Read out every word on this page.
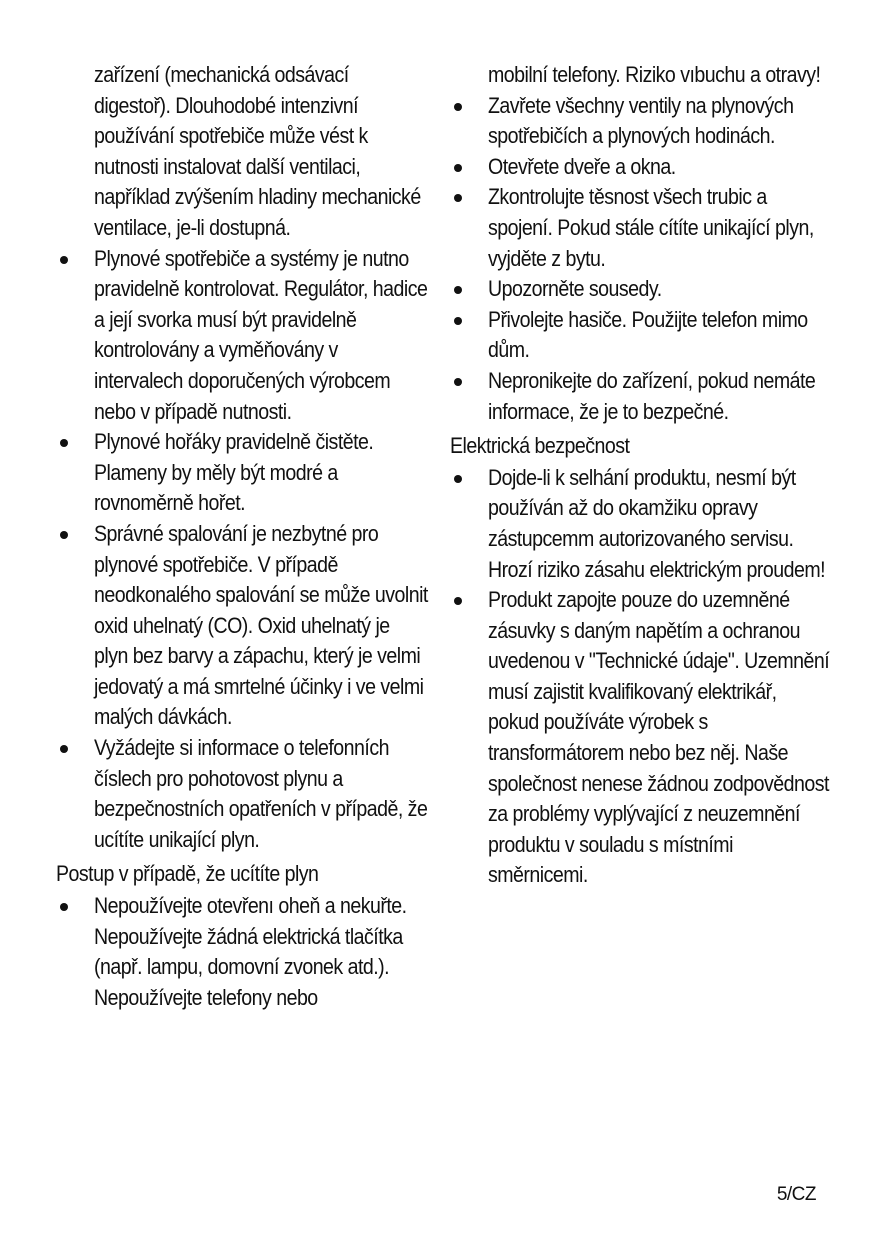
zařízení (mechanická odsávací digestoř). Dlouhodobé intenzivní používání spotřebiče může vést k nutnosti instalovat další ventilaci, například zvýšením hladiny mechanické ventilace, je-li dostupná.
Plynové spotřebiče a systémy je nutno pravidelně kontrolovat. Regulátor, hadice a její svorka musí být pravidelně kontrolovány a vyměňovány v intervalech doporučených výrobcem nebo v případě nutnosti.
Plynové hořáky pravidelně čistěte. Plameny by měly být modré a rovnoměrně hořet.
Správné spalování je nezbytné pro plynové spotřebiče. V případě neodkonalého spalování se může uvolnit oxid uhelnatý (CO). Oxid uhelnatý je plyn bez barvy a zápachu, který je velmi jedovatý a má smrtelné účinky i ve velmi malých dávkách.
Vyžádejte si informace o telefonních číslech pro pohotovost plynu a bezpečnostních opatřeních v případě, že ucítíte unikající plyn.
Postup v případě, že ucítíte plyn
Nepoužívejte otevřenı oheň a nekuřte. Nepoužívejte žádná elektrická tlačítka (např. lampu, domovní zvonek atd.). Nepoužívejte telefony nebo
mobilní telefony. Riziko vıbuchu a otravy!
Zavřete všechny ventily na plynových spotřebičích a plynových hodinách.
Otevřete dveře a okna.
Zkontrolujte těsnost všech trubic a spojení. Pokud stále cítíte unikající plyn, vyjděte z bytu.
Upozorněte sousedy.
Přivolejte hasiče. Použijte telefon mimo dům.
Nepronikejte do zařízení, pokud nemáte informace, že je to bezpečné.
Elektrická bezpečnost
Dojde-li k selhání produktu, nesmí být používán až do okamžiku opravy zástupcemm autorizovaného servisu. Hrozí riziko zásahu elektrickým proudem!
Produkt zapojte pouze do uzemněné zásuvky s daným napětím a ochranou uvedenou v "Technické údaje". Uzemnění musí zajistit kvalifikovaný elektrikář, pokud používáte výrobek s transformátorem nebo bez něj. Naše společnost nenese žádnou zodpovědnost za problémy vyplývající z neuzemnění produktu v souladu s místními směrnicemi.
5/CZ
